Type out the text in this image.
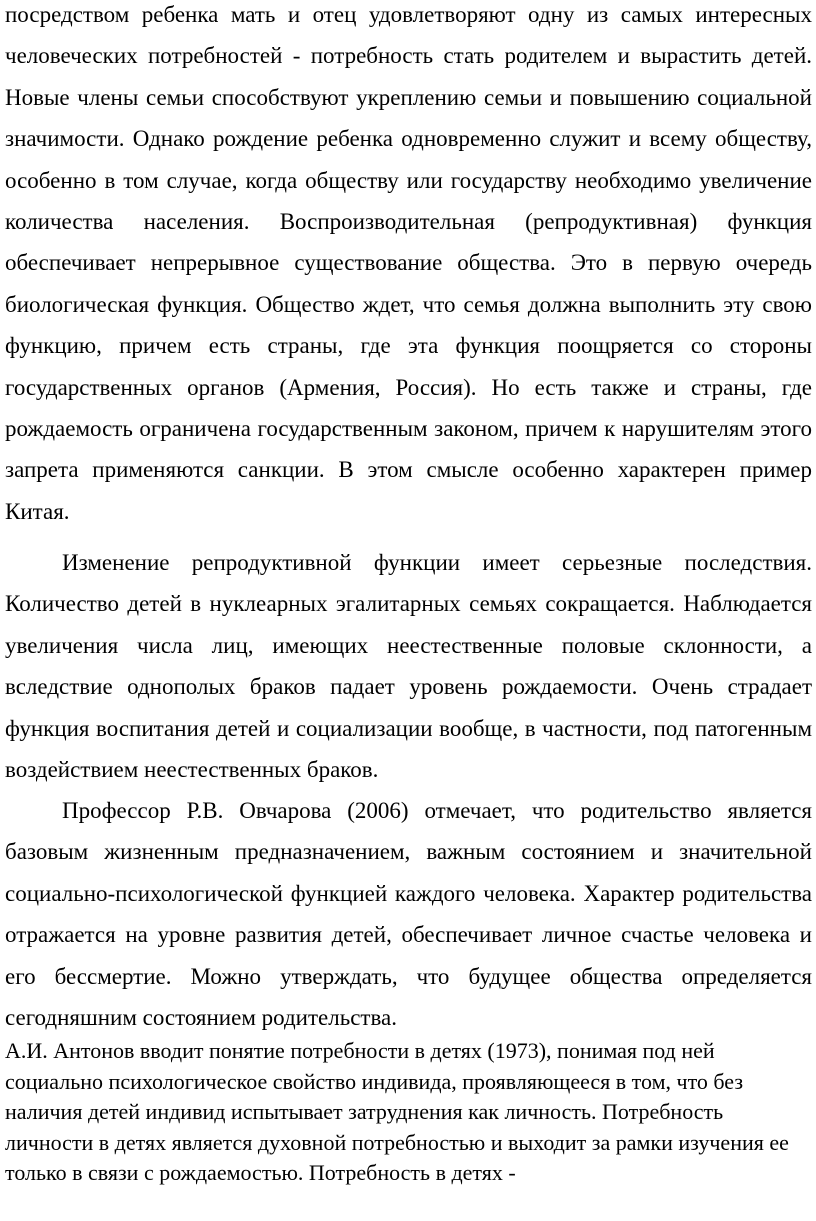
посредством ребенка мать и отец удовлетворяют одну из самых интересных человеческих потребностей - потребность стать родителем и вырастить детей. Новые члены семьи способствуют укреплению семьи и повышению социальной значимости. Однако рождение ребенка одновременно служит и всему обществу, особенно в том случае, когда обществу или государству необходимо увеличение количества населения. Воспроизводительная (репродуктивная) функция обеспечивает непрерывное существование общества. Это в первую очередь биологическая функция. Общество ждет, что семья должна выполнить эту свою функцию, причем есть страны, где эта функция поощряется со стороны государственных органов (Армения, Россия). Но есть также и страны, где рождаемость ограничена государственным законом, причем к нарушителям этого запрета применяются санкции. В этом смысле особенно характерен пример Китая.

Изменение репродуктивной функции имеет серьезные последствия. Количество детей в нуклеарных эгалитарных семьях сокращается. Наблюдается увеличения числа лиц, имеющих неестественные половые склонности, а вследствие однополых браков падает уровень рождаемости. Очень страдает функция воспитания детей и социализации вообще, в частности, под патогенным воздействием неестественных браков.

Профессор Р.В. Овчарова (2006) отмечает, что родительство является базовым жизненным предназначением, важным состоянием и значительной социально-психологической функцией каждого человека. Характер родительства отражается на уровне развития детей, обеспечивает личное счастье человека и его бессмертие. Можно утверждать, что будущее общества определяется сегодняшним состоянием родительства.

А.И. Антонов вводит понятие потребности в детях (1973), понимая под ней социально психологическое свойство индивида, проявляющееся в том, что без наличия детей индивид испытывает затруднения как личность. Потребность личности в детях является духовной потребностью и выходит за рамки изучения ее только в связи с рождаемостью. Потребность в детях -
